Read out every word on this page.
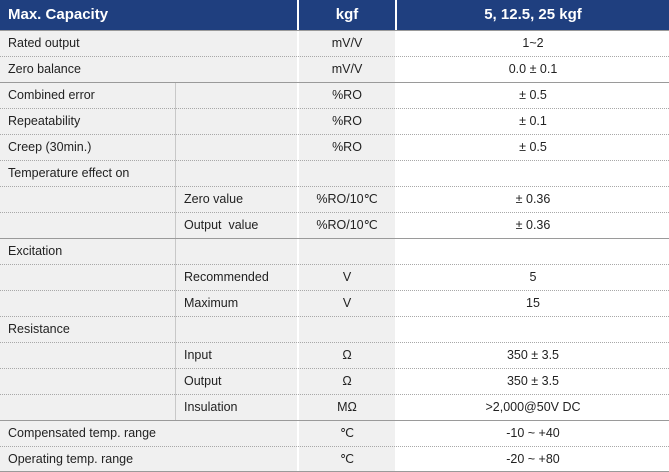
Max. Capacity	kgf	5, 12.5, 25 kgf
Rated output	mV/V	1~2
Zero balance	mV/V	0.0 ± 0.1
Combined error	%RO	± 0.5
Repeatability	%RO	± 0.1
Creep (30min.)	%RO	± 0.5
Temperature effect on
Zero value	%RO/10℃	± 0.36
Output  value	%RO/10℃	± 0.36
Excitation
Recommended	V	5
Maximum	V	15
Resistance
Input	Ω	350 ± 3.5
Output	Ω	350 ± 3.5
Insulation	MΩ	>2,000@50V DC
Compensated temp. range	℃	-10 ~ +40
Operating temp. range	℃	-20 ~ +80
